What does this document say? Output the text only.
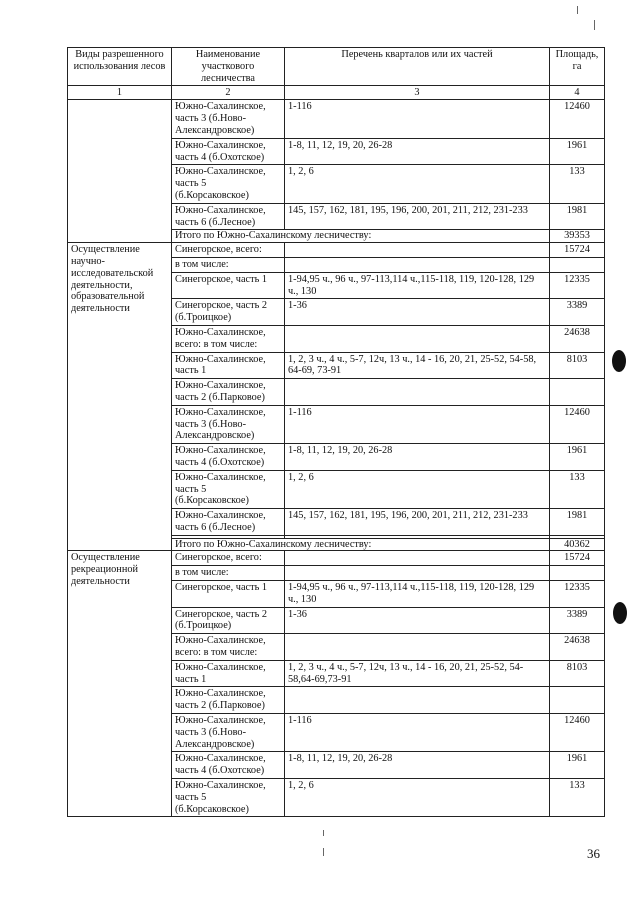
Виды разрешенного использования лесов	Наименование участкового лесничества	Перечень кварталов или их частей	Площадь, га
1	2	3	4
	Южно-Сахалинское, часть 3 (б.Ново-Александровское)	1-116	12460
	Южно-Сахалинское, часть 4 (б.Охотское)	1-8, 11, 12, 19, 20, 26-28	1961
	Южно-Сахалинское, часть 5 (б.Корсаковское)	1, 2, 6	133
	Южно-Сахалинское, часть 6 (б.Лесное)	145, 157, 162, 181, 195, 196, 200, 201, 211, 212, 231-233	1981
	Итого по Южно-Сахалинскому лесничеству:		39353
Осуществление научно-исследовательской деятельности, образовательной деятельности	Синегорское, всего:		15724
	в том числе:		
	Синегорское, часть 1	1-94,95 ч., 96 ч., 97-113,114 ч.,115-118, 119, 120-128, 129 ч., 130	12335
	Синегорское, часть 2 (б.Троицкое)	1-36	3389
	Южно-Сахалинское, всего: в том числе:		24638
	Южно-Сахалинское, часть 1	1, 2, 3 ч., 4 ч., 5-7, 12ч, 13 ч., 14 - 16, 20, 21, 25-52, 54-58, 64-69, 73-91	8103
	Южно-Сахалинское, часть 2 (б.Парковое)		
	Южно-Сахалинское, часть 3 (б.Ново-Александровское)	1-116	12460
	Южно-Сахалинское, часть 4 (б.Охотское)	1-8, 11, 12, 19, 20, 26-28	1961
	Южно-Сахалинское, часть 5 (б.Корсаковское)	1, 2, 6	133
	Южно-Сахалинское, часть 6 (б.Лесное)	145, 157, 162, 181, 195, 196, 200, 201, 211, 212, 231-233	1981

	Итого по Южно-Сахалинскому лесничеству:		40362
Осуществление рекреационной деятельности	Синегорское, всего:		15724
	в том числе:		
	Синегорское, часть 1	1-94,95 ч., 96 ч., 97-113,114 ч.,115-118, 119, 120-128, 129 ч., 130	12335
	Синегорское, часть 2 (б.Троицкое)	1-36	3389
	Южно-Сахалинское, всего: в том числе:		24638
	Южно-Сахалинское, часть 1	1, 2, 3 ч., 4 ч., 5-7, 12ч, 13 ч., 14 - 16, 20, 21, 25-52, 54-58,64-69,73-91	8103
	Южно-Сахалинское, часть 2 (б.Парковое)		
	Южно-Сахалинское, часть 3 (б.Ново-Александровское)	1-116	12460
	Южно-Сахалинское, часть 4 (б.Охотское)	1-8, 11, 12, 19, 20, 26-28	1961
	Южно-Сахалинское, часть 5 (б.Корсаковское)	1, 2, 6	133
36
